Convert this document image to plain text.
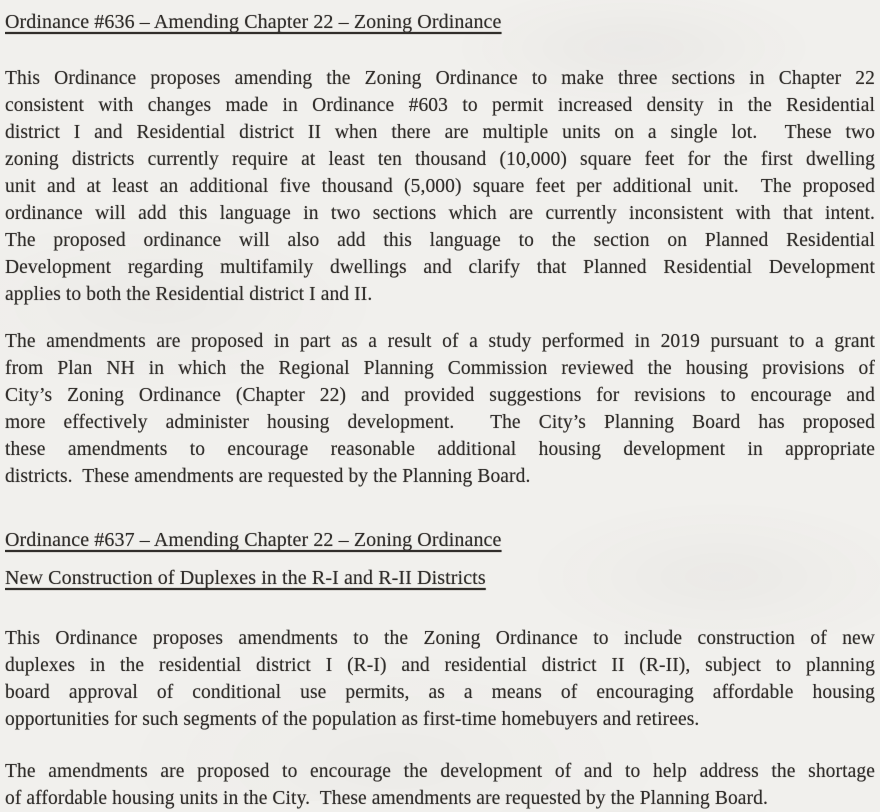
Ordinance #636 – Amending Chapter 22 – Zoning Ordinance
This Ordinance proposes amending the Zoning Ordinance to make three sections in Chapter 22
consistent with changes made in Ordinance #603 to permit increased density in the Residential
district I and Residential district II when there are multiple units on a single lot.  These two
zoning districts currently require at least ten thousand (10,000) square feet for the first dwelling
unit and at least an additional five thousand (5,000) square feet per additional unit.  The proposed
ordinance will add this language in two sections which are currently inconsistent with that intent.
The proposed ordinance will also add this language to the section on Planned Residential
Development regarding multifamily dwellings and clarify that Planned Residential Development
applies to both the Residential district I and II.
The amendments are proposed in part as a result of a study performed in 2019 pursuant to a grant
from Plan NH in which the Regional Planning Commission reviewed the housing provisions of
City’s Zoning Ordinance (Chapter 22) and provided suggestions for revisions to encourage and
more effectively administer housing development.  The City’s Planning Board has proposed
these amendments to encourage reasonable additional housing development in appropriate
districts.  These amendments are requested by the Planning Board.
Ordinance #637 – Amending Chapter 22 – Zoning Ordinance
New Construction of Duplexes in the R-I and R-II Districts
This Ordinance proposes amendments to the Zoning Ordinance to include construction of new
duplexes in the residential district I (R-I) and residential district II (R-II), subject to planning
board approval of conditional use permits, as a means of encouraging affordable housing
opportunities for such segments of the population as first-time homebuyers and retirees.
The amendments are proposed to encourage the development of and to help address the shortage
of affordable housing units in the City.  These amendments are requested by the Planning Board.
